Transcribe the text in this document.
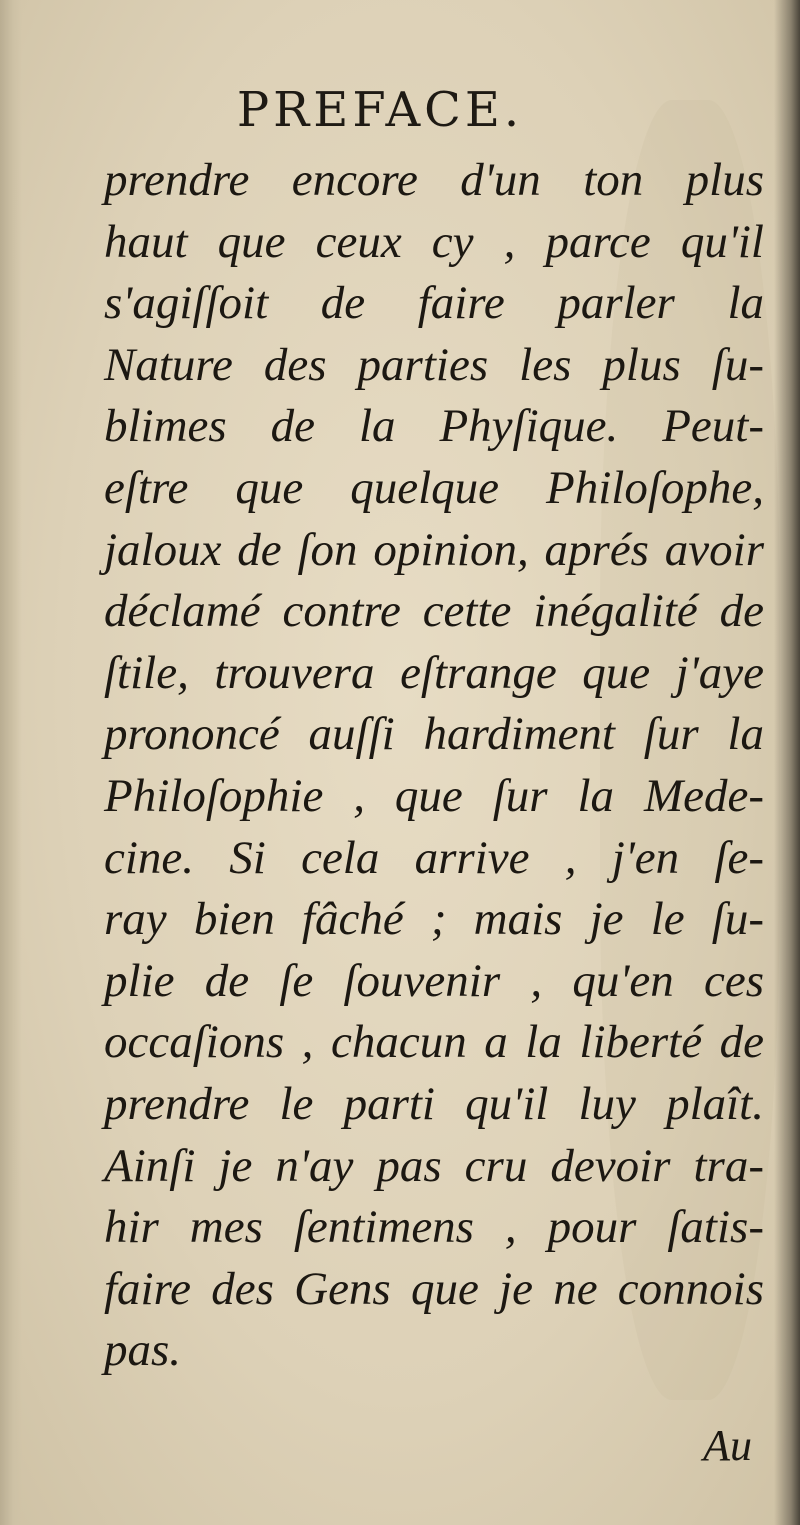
PREFACE.
prendre encore d'un ton plus
haut que ceux cy , parce qu'il
s'agiſſoit de faire parler la
Nature des parties les plus ſu-
blimes de la Phyſique. Peut-
eſtre que quelque Philoſophe,
jaloux de ſon opinion, aprés avoir
déclamé contre cette inégalité de
ſtile, trouvera eſtrange que j'aye
prononcé auſſi hardiment ſur la
Philoſophie , que ſur la Mede-
cine. Si cela arrive , j'en ſe-
ray bien fâché ; mais je le ſu-
plie de ſe ſouvenir , qu'en ces
occaſions , chacun a la liberté de
prendre le parti qu'il luy plaît.
Ainſi je n'ay pas cru devoir tra-
hir mes ſentimens , pour ſatis-
faire des Gens que je ne connois
pas.
Au
